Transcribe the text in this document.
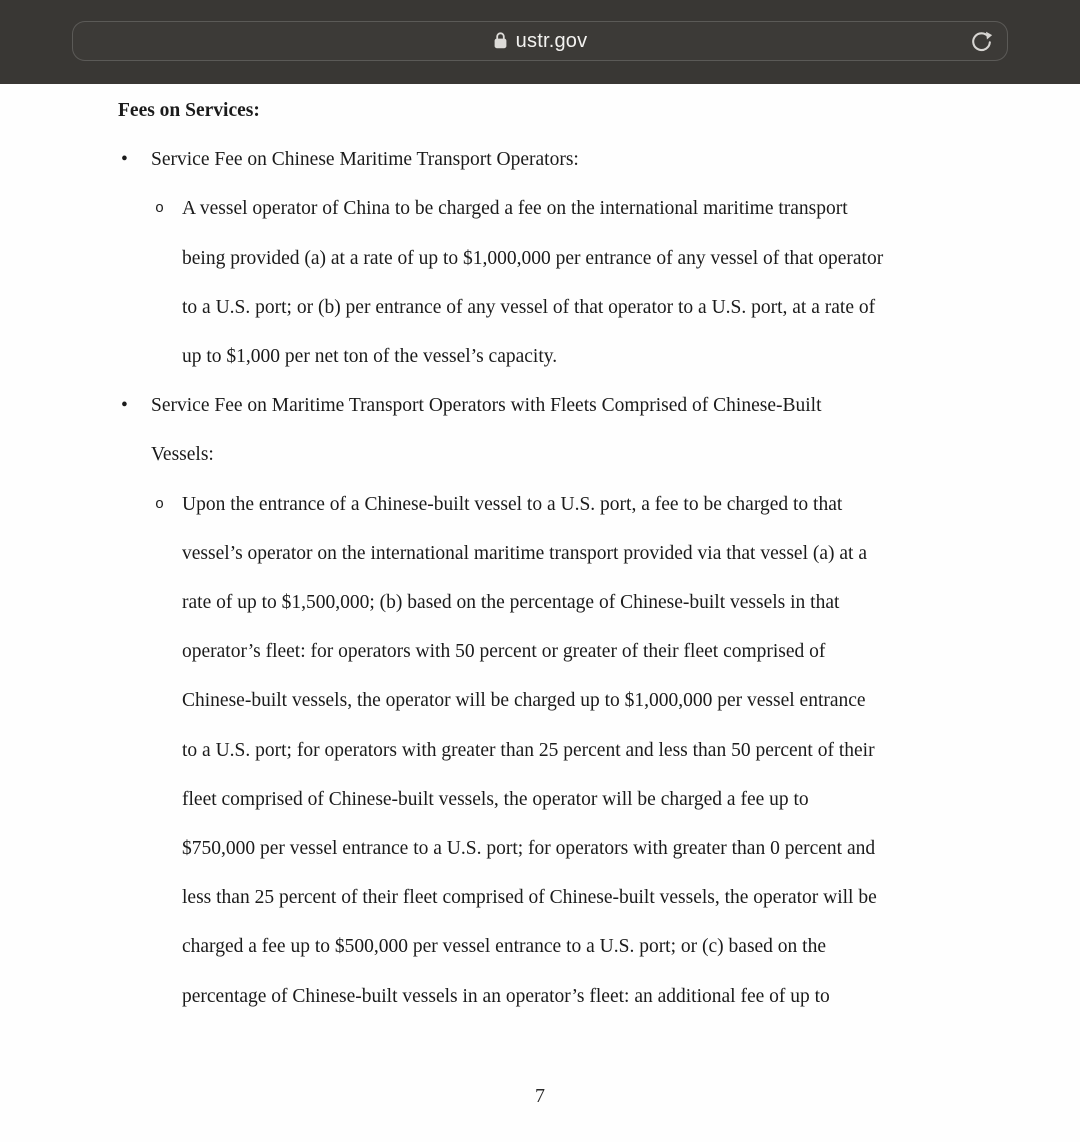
ustr.gov
Fees on Services:
• Service Fee on Chinese Maritime Transport Operators:
o A vessel operator of China to be charged a fee on the international maritime transport
being provided (a) at a rate of up to $1,000,000 per entrance of any vessel of that operator
to a U.S. port; or (b) per entrance of any vessel of that operator to a U.S. port, at a rate of
up to $1,000 per net ton of the vessel’s capacity.
• Service Fee on Maritime Transport Operators with Fleets Comprised of Chinese-Built
Vessels:
o Upon the entrance of a Chinese-built vessel to a U.S. port, a fee to be charged to that
vessel’s operator on the international maritime transport provided via that vessel (a) at a
rate of up to $1,500,000; (b) based on the percentage of Chinese-built vessels in that
operator’s fleet: for operators with 50 percent or greater of their fleet comprised of
Chinese-built vessels, the operator will be charged up to $1,000,000 per vessel entrance
to a U.S. port; for operators with greater than 25 percent and less than 50 percent of their
fleet comprised of Chinese-built vessels, the operator will be charged a fee up to
$750,000 per vessel entrance to a U.S. port; for operators with greater than 0 percent and
less than 25 percent of their fleet comprised of Chinese-built vessels, the operator will be
charged a fee up to $500,000 per vessel entrance to a U.S. port; or (c) based on the
percentage of Chinese-built vessels in an operator’s fleet: an additional fee of up to
7
